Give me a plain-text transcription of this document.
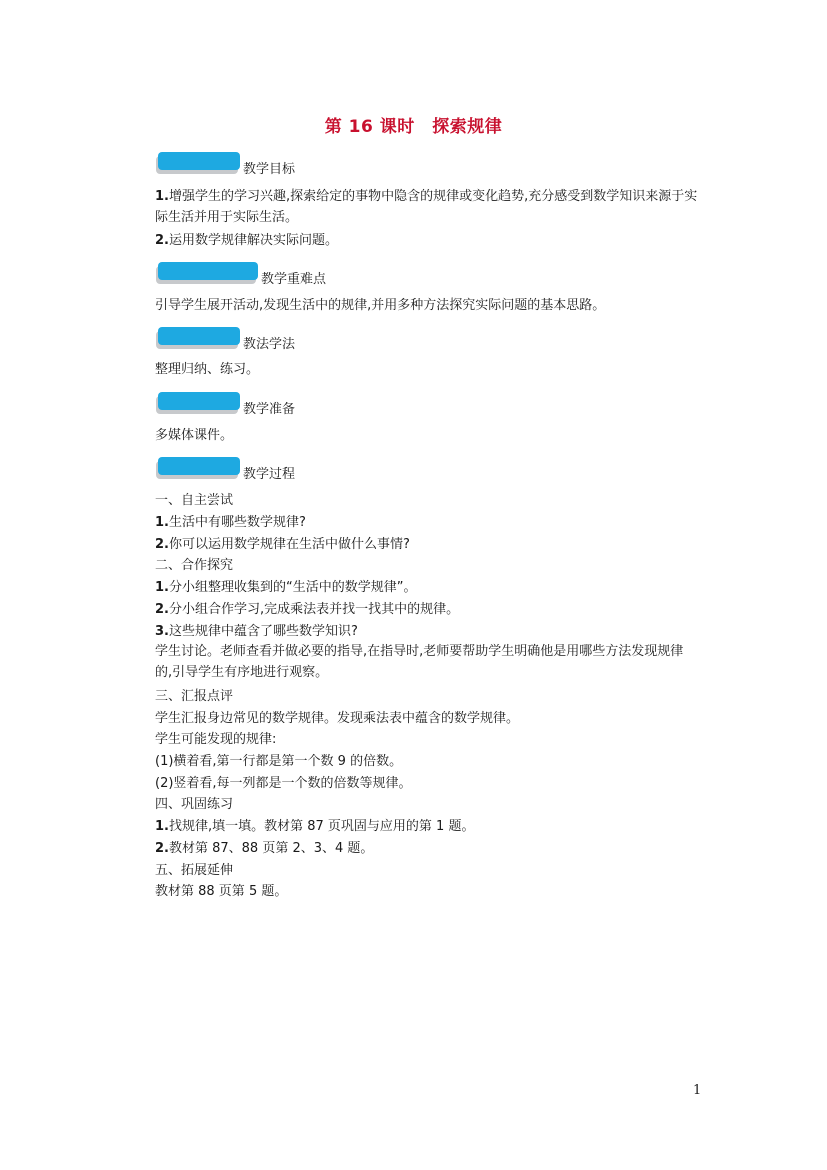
第 16 课时　探索规律
教学目标
1.增强学生的学习兴趣,探索给定的事物中隐含的规律或变化趋势,充分感受到数学知识来源于实际生活并用于实际生活。
2.运用数学规律解决实际问题。
教学重难点
引导学生展开活动,发现生活中的规律,并用多种方法探究实际问题的基本思路。
教法学法
整理归纳、练习。
教学准备
多媒体课件。
教学过程
一、自主尝试
1.生活中有哪些数学规律?
2.你可以运用数学规律在生活中做什么事情?
二、合作探究
1.分小组整理收集到的“生活中的数学规律”。
2.分小组合作学习,完成乘法表并找一找其中的规律。
3.这些规律中蕴含了哪些数学知识?
学生讨论。老师查看并做必要的指导,在指导时,老师要帮助学生明确他是用哪些方法发现规律的,引导学生有序地进行观察。
三、汇报点评
学生汇报身边常见的数学规律。发现乘法表中蕴含的数学规律。
学生可能发现的规律:
(1)横着看,第一行都是第一个数 9 的倍数。
(2)竖着看,每一列都是一个数的倍数等规律。
四、巩固练习
1.找规律,填一填。教材第 87 页巩固与应用的第 1 题。
2.教材第 87、88 页第 2、3、4 题。
五、拓展延伸
教材第 88 页第 5 题。
1
